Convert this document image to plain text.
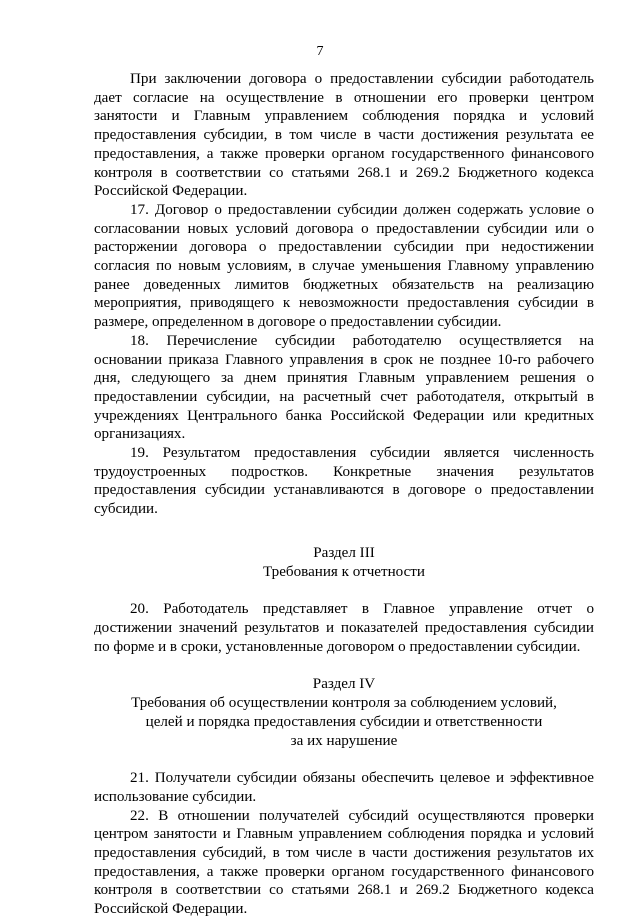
7

При заключении договора о предоставлении субсидии работодатель дает согласие на осуществление в отношении его проверки центром занятости и Главным управлением соблюдения порядка и условий предоставления субсидии, в том числе в части достижения результата ее предоставления, а также проверки органом государственного финансового контроля в соответствии со статьями 268.1 и 269.2 Бюджетного кодекса Российской Федерации.

17. Договор о предоставлении субсидии должен содержать условие о согласовании новых условий договора о предоставлении субсидии или о расторжении договора о предоставлении субсидии при недостижении согласия по новым условиям, в случае уменьшения Главному управлению ранее доведенных лимитов бюджетных обязательств на реализацию мероприятия, приводящего к невозможности предоставления субсидии в размере, определенном в договоре о предоставлении субсидии.

18. Перечисление субсидии работодателю осуществляется на основании приказа Главного управления в срок не позднее 10-го рабочего дня, следующего за днем принятия Главным управлением решения о предоставлении субсидии, на расчетный счет работодателя, открытый в учреждениях Центрального банка Российской Федерации или кредитных организациях.

19. Результатом предоставления субсидии является численность трудоустроенных подростков. Конкретные значения результатов предоставления субсидии устанавливаются в договоре о предоставлении субсидии.

Раздел III

Требования к отчетности

20. Работодатель представляет в Главное управление отчет о достижении значений результатов и показателей предоставления субсидии по форме и в сроки, установленные договором о предоставлении субсидии.

Раздел IV

Требования об осуществлении контроля за соблюдением условий,

целей и порядка предоставления субсидии и ответственности

за их нарушение

21. Получатели субсидии обязаны обеспечить целевое и эффективное использование субсидии.

22. В отношении получателей субсидий осуществляются проверки центром занятости и Главным управлением соблюдения порядка и условий предоставления субсидий, в том числе в части достижения результатов их предоставления, а также проверки органом государственного финансового контроля в соответствии со статьями 268.1 и 269.2 Бюджетного кодекса Российской Федерации.
